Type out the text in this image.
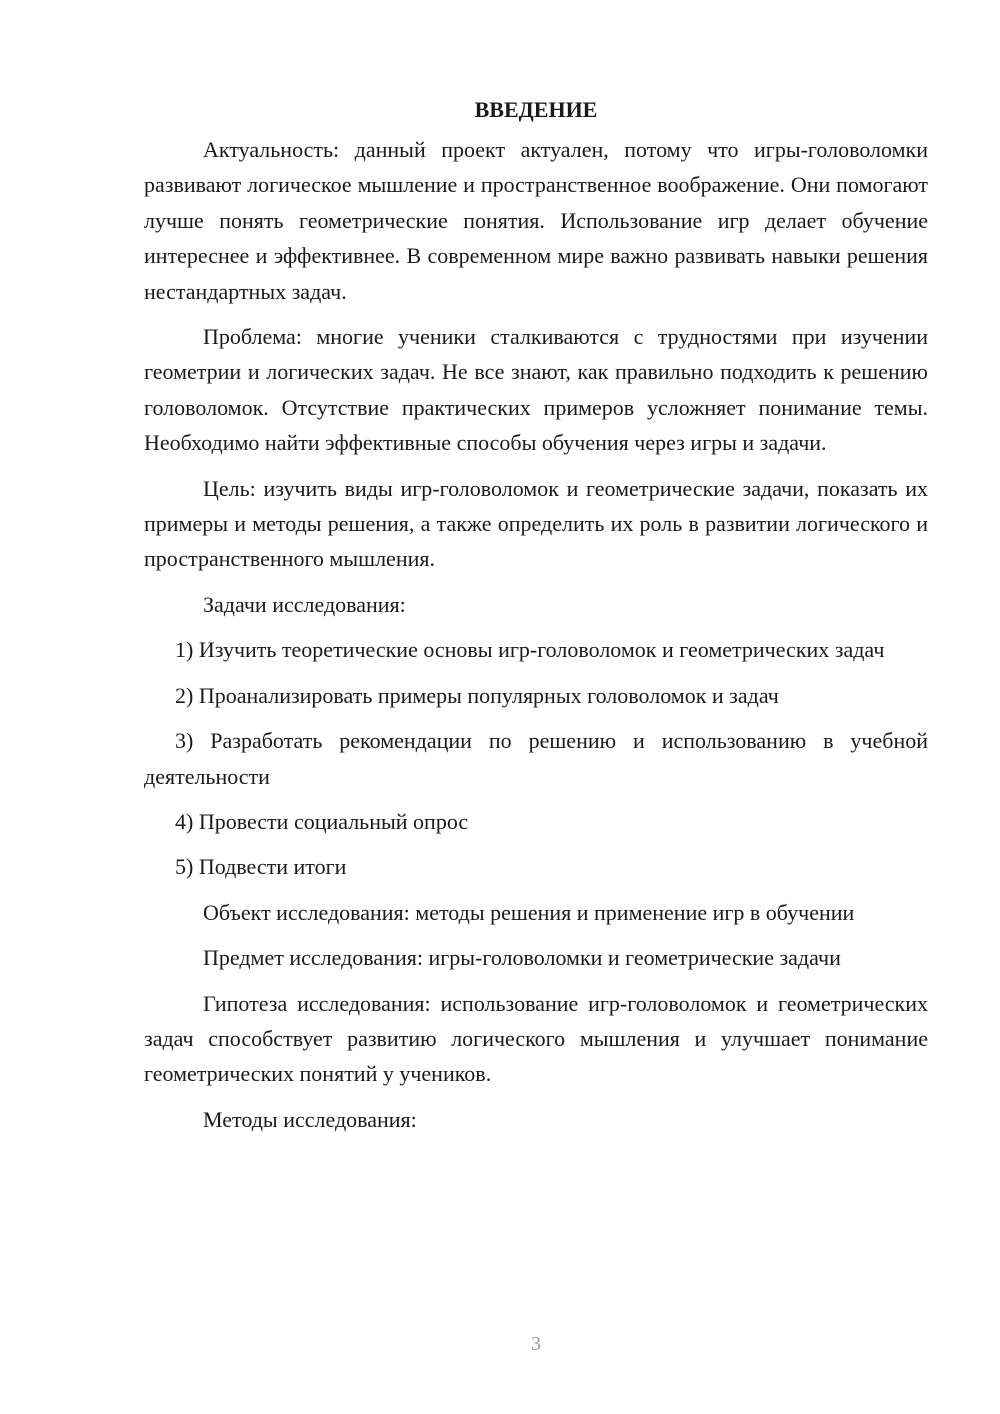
ВВЕДЕНИЕ

Актуальность: данный проект актуален, потому что игры-головоломки развивают логическое мышление и пространственное воображение. Они помогают лучше понять геометрические понятия. Использование игр делает обучение интереснее и эффективнее. В современном мире важно развивать навыки решения нестандартных задач.

Проблема: многие ученики сталкиваются с трудностями при изучении геометрии и логических задач. Не все знают, как правильно подходить к решению головоломок. Отсутствие практических примеров усложняет понимание темы. Необходимо найти эффективные способы обучения через игры и задачи.

Цель: изучить виды игр-головоломок и геометрические задачи, показать их примеры и методы решения, а также определить их роль в развитии логического и пространственного мышления.

Задачи исследования:

1) Изучить теоретические основы игр-головоломок и геометрических задач

2) Проанализировать примеры популярных головоломок и задач

3) Разработать рекомендации по решению и использованию в учебной деятельности

4) Провести социальный опрос

5) Подвести итоги

Объект исследования: методы решения и применение игр в обучении

Предмет исследования: игры-головоломки и геометрические задачи

Гипотеза исследования: использование игр-головоломок и геометрических задач способствует развитию логического мышления и улучшает понимание геометрических понятий у учеников.

Методы исследования:

3
